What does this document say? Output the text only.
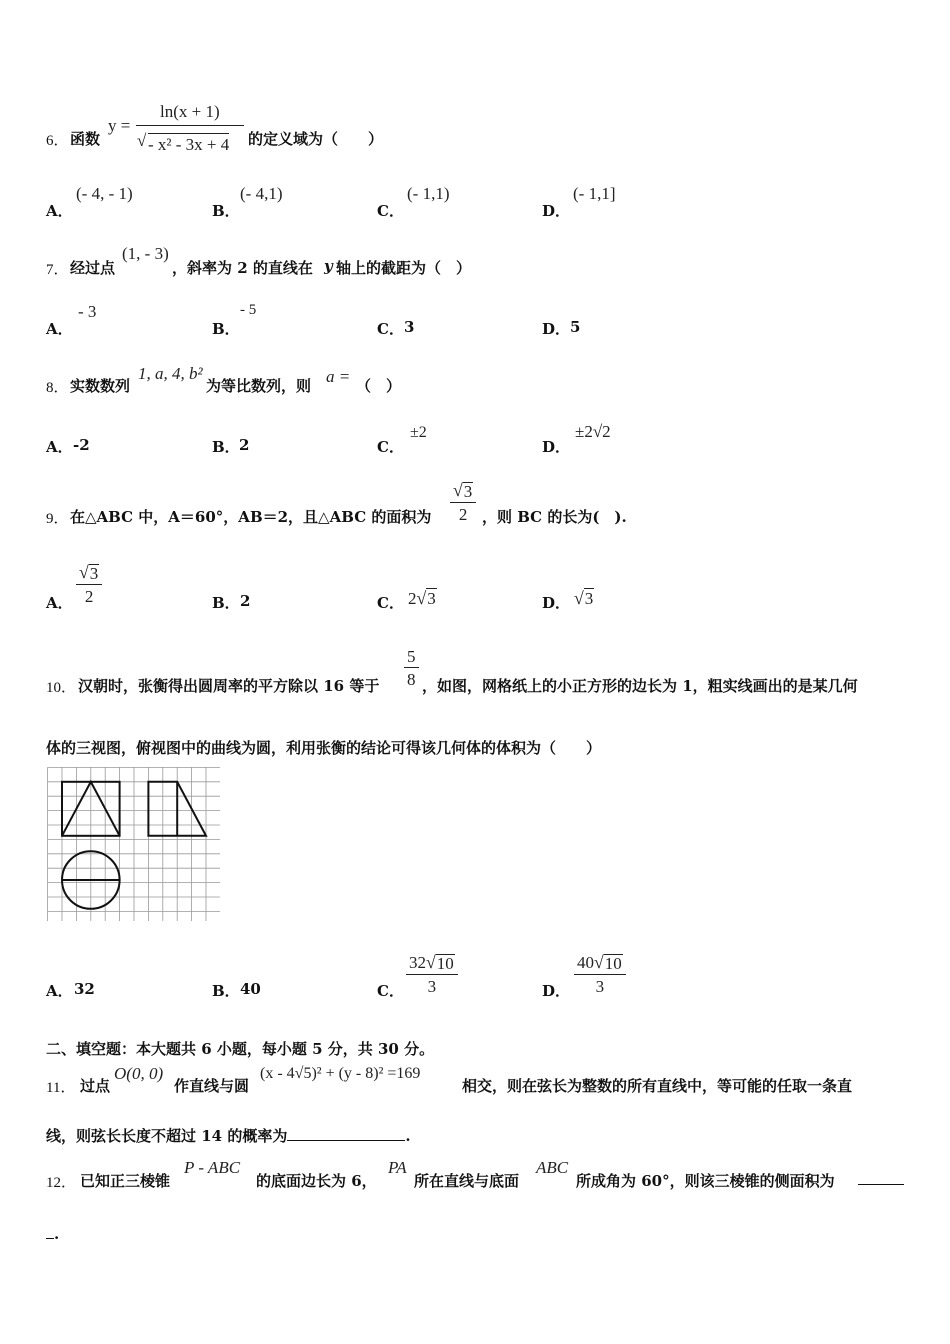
6． 函数
y =
ln(x + 1)
√ - x² - 3x + 4 的定义域为（　　）
A．
(- 4, - 1)
B．
(- 4,1)
C．
(- 1,1)
D．
(- 1,1]
7． 经过点
(1, - 3)
，斜率为 2 的直线在 y 轴上的截距为（　）
A．
- 3
B．
- 5
C． 3	D． 5
8． 实数数列
1, a, 4, b²
为等比数列，则 a = （　）
A． -2	B． 2	C．
±2
D．
±2√2
9． 在△ABC 中，A＝60°，AB＝2，且△ABC 的面积为 $\frac{√ 3}{2}$ ，则 BC 的长为(　).
A． $\frac{√ 3}{2}$	B． 2	C． 2 √ 3	D． √ 3
10． 汉朝时，张衡得出圆周率的平方除以 16 等于 $\frac{5}{8}$ ，如图，网格纸上的小正方形的边长为 1，粗实线画出的是某几何
体的三视图，俯视图中的曲线为圆，利用张衡的结论可得该几何体的体积为（　　）
A． 32	B． 40	C． $\frac{32 √ 10}{3}$	D． $\frac{40 √ 10}{3}$
二、填空题：本大题共 6 小题，每小题 5 分，共 30 分。
11． 过点
O(0, 0)
作直线与圆
(x - 4√5)² + (y - 8)² =169
相交，则在弦长为整数的所有直线中，等可能的任取一条直
线，则弦长长度不超过 14 的概率为	.
12． 已知正三棱锥
P - ABC
的底面边长为 6，
PA
所在直线与底面
ABC
所成角为 60°，则该三棱锥的侧面积为
.
